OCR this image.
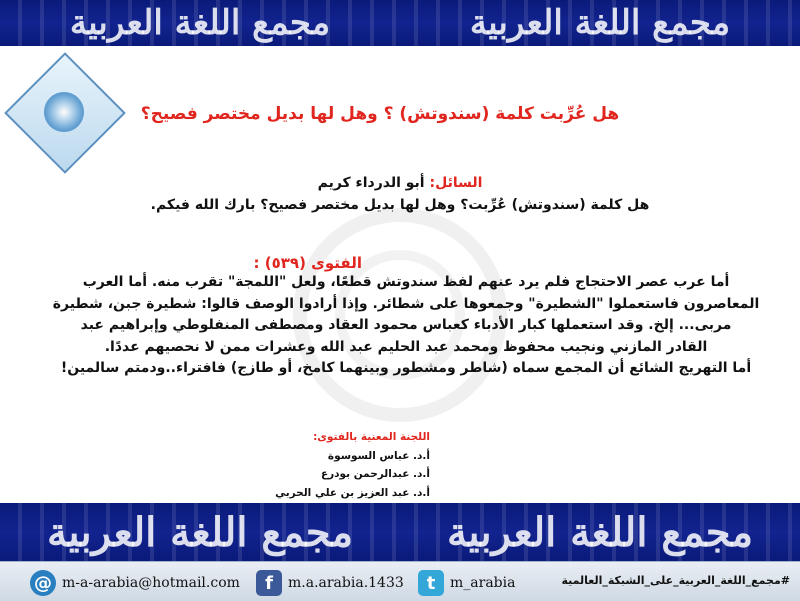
مجمع اللغة العربية	مجمع اللغة العربية
هل عُرِّبت كلمة (سندوتش) ؟ وهل لها بديل مختصر فصيح؟
السائل: أبو الدرداء كريم
هل كلمة (سندوتش) عُرِّبت؟ وهل لها بديل مختصر فصيح؟ بارك الله فيكم.
الفتوى (٥٣٩) :
أما عرب عصر الاحتجاج فلم يرد عنهم لفظ سندوتش قطعًا، ولعل "اللمجة" تقرب منه. أما العرب
المعاصرون فاستعملوا "الشطيرة" وجمعوها على شطائر. وإذا أرادوا الوصف قالوا: شطيرة جبن، شطيرة
مربى... إلخ. وقد استعملها كبار الأدباء كعباس محمود العقاد ومصطفى المنفلوطي وإبراهيم عبد
القادر المازني ونجيب محفوظ ومحمد عبد الحليم عبد الله وعشرات ممن لا نحصيهم عددًا.
أما التهريج الشائع أن المجمع سماه (شاطر ومشطور وبينهما كامخ، أو طازج) فافتراء..ودمتم سالمين!
اللجنة المعنية بالفتوى:
أ.د. عباس السوسوة
أ.د. عبدالرحمن بودرع
أ.د. عبد العزيز بن علي الحربي
مجمع اللغة العربية مجمع اللغة العربية
@ m-a-arabia@hotmail.com	f	m.a.arabia.1433	t	m_arabia	#مجمع_اللغة_العربية_على_الشبكة_العالمية
